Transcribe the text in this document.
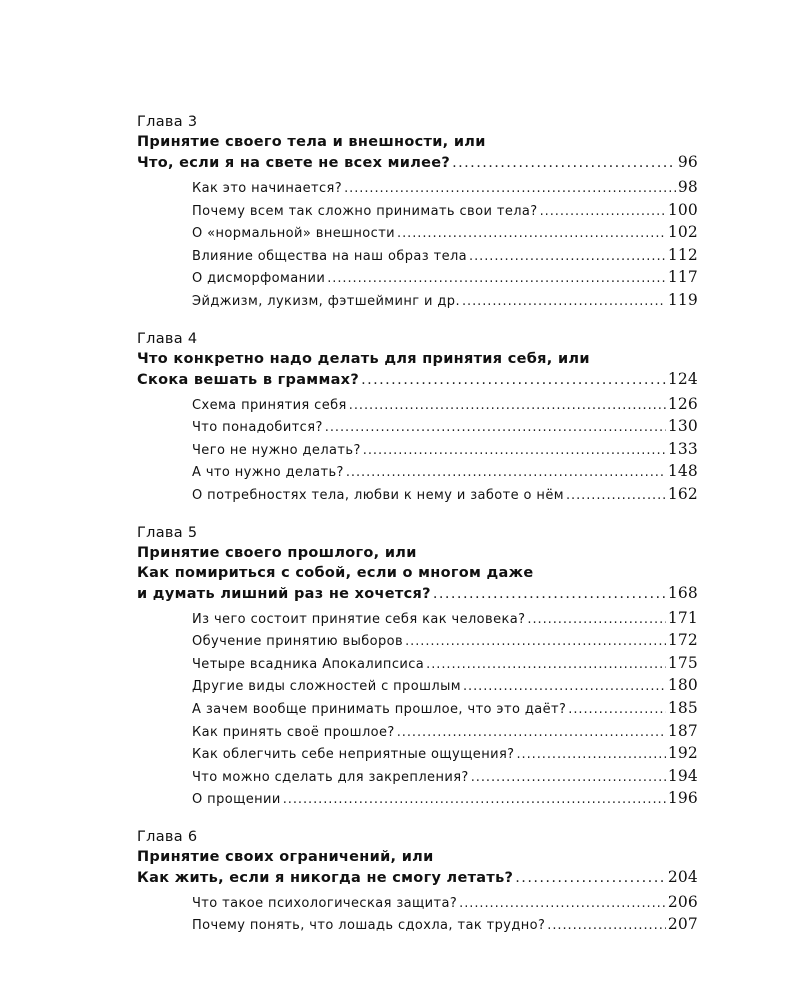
Глава 3
Принятие своего тела и внешности, или
Что, если я на свете не всех милее? . . .	96
Как это начинается? . . .	98
Почему всем так сложно принимать свои тела? . . .	100
О «нормальной» внешности . . .	102
Влияние общества на наш образ тела . . .	112
О дисморфомании . . .	117
Эйджизм, лукизм, фэтшейминг и др. . . .	119
Глава 4
Что конкретно надо делать для принятия себя, или
Скока вешать в граммах? . . .	124
Схема принятия себя . . .	126
Что понадобится? . . .	130
Чего не нужно делать? . . .	133
А что нужно делать? . . .	148
О потребностях тела, любви к нему и заботе о нём . . .	162
Глава 5
Принятие своего прошлого, или
Как помириться с собой, если о многом даже
и думать лишний раз не хочется? . . .	168
Из чего состоит принятие себя как человека? . . .	171
Обучение принятию выборов . . .	172
Четыре всадника Апокалипсиса . . .	175
Другие виды сложностей с прошлым . . .	180
А зачем вообще принимать прошлое, что это даёт? . . .	185
Как принять своё прошлое? . . .	187
Как облегчить себе неприятные ощущения? . . .	192
Что можно сделать для закрепления? . . .	194
О прощении . . .	196
Глава 6
Принятие своих ограничений, или
Как жить, если я никогда не смогу летать? . . .	204
Что такое психологическая защита? . . .	206
Почему понять, что лошадь сдохла, так трудно? . . .	207
